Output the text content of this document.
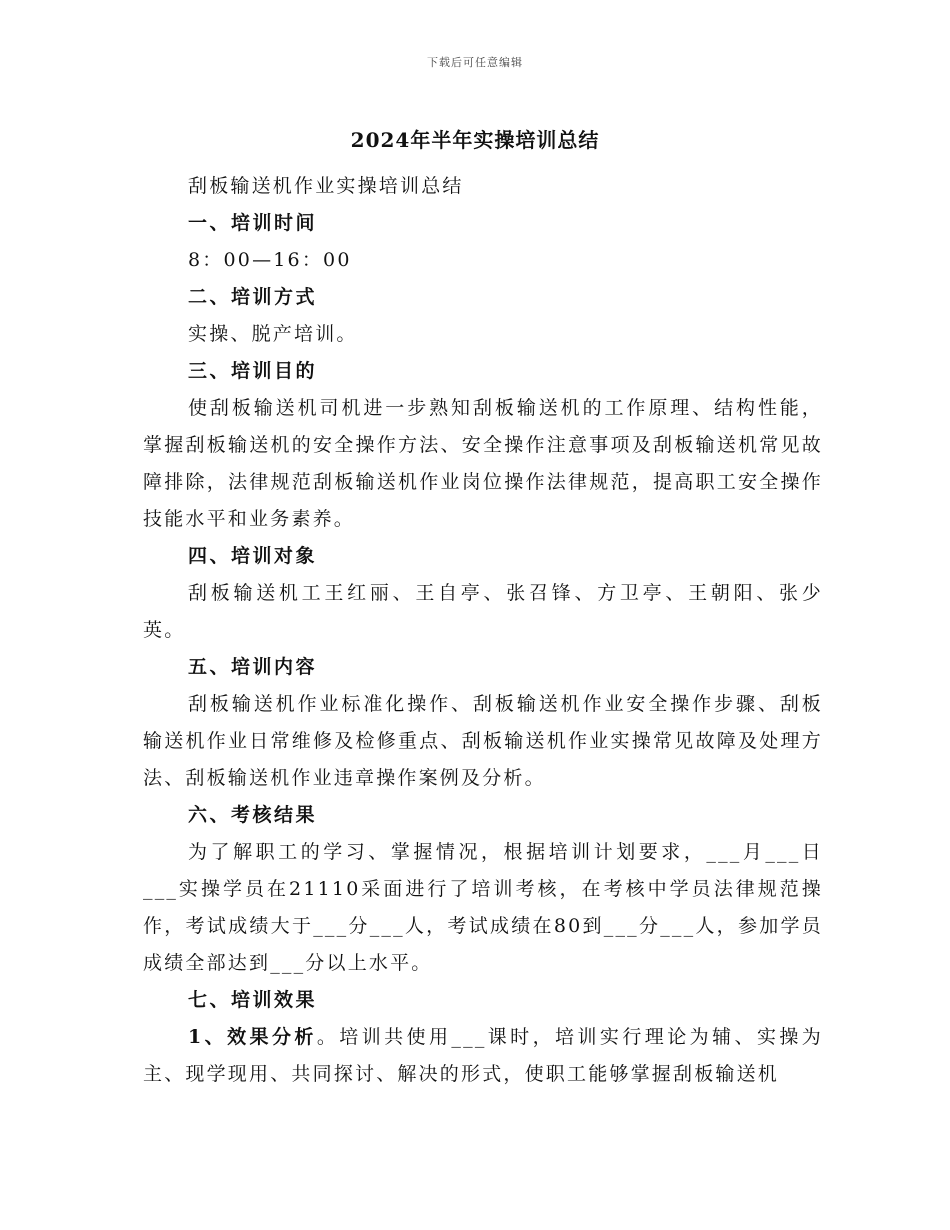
下载后可任意编辑
2024年半年实操培训总结

刮板输送机作业实操培训总结

一、培训时间

8：00—16：00

二、培训方式

实操、脱产培训。

三、培训目的

使刮板输送机司机进一步熟知刮板输送机的工作原理、结构性能，掌握刮板输送机的安全操作方法、安全操作注意事项及刮板输送机常见故障排除，法律规范刮板输送机作业岗位操作法律规范，提高职工安全操作技能水平和业务素养。

四、培训对象

刮板输送机工王红丽、王自亭、张召锋、方卫亭、王朝阳、张少英。

五、培训内容

刮板输送机作业标准化操作、刮板输送机作业安全操作步骤、刮板输送机作业日常维修及检修重点、刮板输送机作业实操常见故障及处理方法、刮板输送机作业违章操作案例及分析。

六、考核结果

为了解职工的学习、掌握情况，根据培训计划要求，___月___日___实操学员在21110采面进行了培训考核，在考核中学员法律规范操作，考试成绩大于___分___人，考试成绩在80到___分___人，参加学员成绩全部达到___分以上水平。

七、培训效果

1、效果分析。培训共使用___课时，培训实行理论为辅、实操为主、现学现用、共同探讨、解决的形式，使职工能够掌握刮板输送机
